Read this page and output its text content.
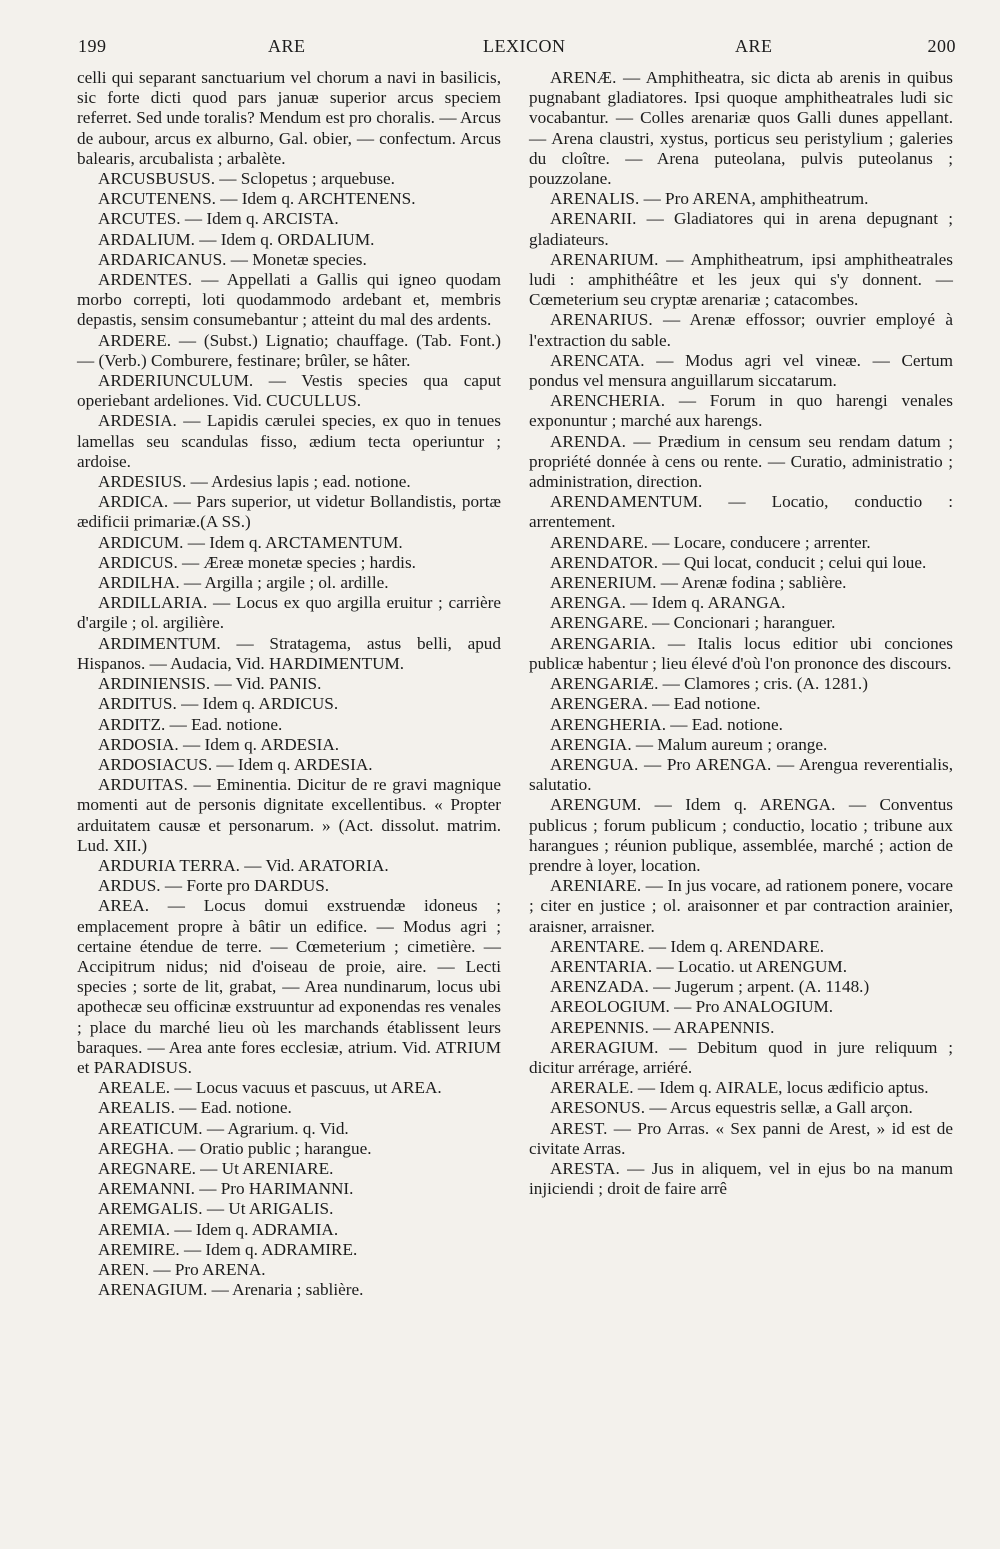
199	ARE	LEXICON	ARE	200

celli qui separant sanctuarium vel chorum a navi in basilicis, sic forte dicti quod pars januæ superior arcus speciem referret. Sed unde toralis? Mendum est pro choralis. — Arcus de aubour, arcus ex alburno, Gal. obier, — confectum. Arcus balearis, arcubalista ; arbalète.

ARCUSBUSUS. — Sclopetus ; arquebuse.

ARCUTENENS. — Idem q. ARCHTENENS.

ARCUTES. — Idem q. ARCISTA.

ARDALIUM. — Idem q. ORDALIUM.

ARDARICANUS. — Monetæ species.

ARDENTES. — Appellati a Gallis qui igneo quodam morbo correpti, loti quodammodo ardebant et, membris depastis, sensim consumebantur ; atteint du mal des ardents.

ARDERE. — (Subst.) Lignatio; chauffage. (Tab. Font.) — (Verb.) Comburere, festinare; brûler, se hâter.

ARDERIUNCULUM. — Vestis species qua caput operiebant ardeliones. Vid. CUCULLUS.

ARDESIA. — Lapidis cærulei species, ex quo in tenues lamellas seu scandulas fisso, ædium tecta operiuntur ; ardoise.

ARDESIUS. — Ardesius lapis ; ead. notione.

ARDICA. — Pars superior, ut videtur Bollandistis, portæ ædificii primariæ.(A SS.)

ARDICUM. — Idem q. ARCTAMENTUM.

ARDICUS. — Æreæ monetæ species ; hardis.

ARDILHA. — Argilla ; argile ; ol. ardille.

ARDILLARIA. — Locus ex quo argilla eruitur ; carrière d'argile ; ol. argilière.

ARDIMENTUM. — Stratagema, astus belli, apud Hispanos. — Audacia, Vid. HARDIMENTUM.

ARDINIENSIS. — Vid. PANIS.

ARDITUS. — Idem q. ARDICUS.

ARDITZ. — Ead. notione.

ARDOSIA. — Idem q. ARDESIA.

ARDOSIACUS. — Idem q. ARDESIA.

ARDUITAS. — Eminentia. Dicitur de re gravi magnique momenti aut de personis dignitate excellentibus. « Propter arduitatem causæ et personarum. » (Act. dissolut. matrim. Lud. XII.)

ARDURIA TERRA. — Vid. ARATORIA.

ARDUS. — Forte pro DARDUS.

AREA. — Locus domui exstruendæ idoneus ; emplacement propre à bâtir un edifice. — Modus agri ; certaine étendue de terre. — Cœmeterium ; cimetière. — Accipitrum nidus; nid d'oiseau de proie, aire. — Lecti species ; sorte de lit, grabat, — Area nundinarum, locus ubi apothecæ seu officinæ exstruuntur ad exponendas res venales ; place du marché lieu où les marchands établissent leurs baraques. — Area ante fores ecclesiæ, atrium. Vid. ATRIUM et PARADISUS.

AREALE. — Locus vacuus et pascuus, ut AREA.

AREALIS. — Ead. notione.

AREATICUM. — Agrarium. q. Vid.

AREGHA. — Oratio public ; harangue.

AREGNARE. — Ut ARENIARE.

AREMANNI. — Pro HARIMANNI.

AREMGALIS. — Ut ARIGALIS.

AREMIA. — Idem q. ADRAMIA.

AREMIRE. — Idem q. ADRAMIRE.

AREN. — Pro ARENA.

ARENAGIUM. — Arenaria ; sablière.

ARENÆ. — Amphitheatra, sic dicta ab arenis in quibus pugnabant gladiatores. Ipsi quoque amphitheatrales ludi sic vocabantur. — Colles arenariæ quos Galli dunes appellant. — Arena claustri, xystus, porticus seu peristylium ; galeries du cloître. — Arena puteolana, pulvis puteolanus ; pouzzolane.

ARENALIS. — Pro ARENA, amphitheatrum.

ARENARII. — Gladiatores qui in arena depugnant ; gladiateurs.

ARENARIUM. — Amphitheatrum, ipsi amphitheatrales ludi : amphithéâtre et les jeux qui s'y donnent. — Cœmeterium seu cryptæ arenariæ ; catacombes.

ARENARIUS. — Arenæ effossor; ouvrier employé à l'extraction du sable.

ARENCATA. — Modus agri vel vineæ. — Certum pondus vel mensura anguillarum siccatarum.

ARENCHERIA. — Forum in quo harengi venales exponuntur ; marché aux harengs.

ARENDA. — Prædium in censum seu rendam datum ; propriété donnée à cens ou rente. — Curatio, administratio ; administration, direction.

ARENDAMENTUM. — Locatio, conductio : arrentement.

ARENDARE. — Locare, conducere ; arrenter.

ARENDATOR. — Qui locat, conducit ; celui qui loue.

ARENERIUM. — Arenæ fodina ; sablière.

ARENGA. — Idem q. ARANGA.

ARENGARE. — Concionari ; haranguer.

ARENGARIA. — Italis locus editior ubi conciones publicæ habentur ; lieu élevé d'où l'on prononce des discours.

ARENGARIÆ. — Clamores ; cris. (A. 1281.)

ARENGERA. — Ead notione.

ARENGHERIA. — Ead. notione.

ARENGIA. — Malum aureum ; orange.

ARENGUA. — Pro ARENGA. — Arengua reverentialis, salutatio.

ARENGUM. — Idem q. ARENGA. — Conventus publicus ; forum publicum ; conductio, locatio ; tribune aux harangues ; réunion publique, assemblée, marché ; action de prendre à loyer, location.

ARENIARE. — In jus vocare, ad rationem ponere, vocare ; citer en justice ; ol. araisonner et par contraction arainier, araisner, arraisner.

ARENTARE. — Idem q. ARENDARE.

ARENTARIA. — Locatio. ut ARENGUM.

ARENZADA. — Jugerum ; arpent. (A. 1148.)

AREOLOGIUM. — Pro ANALOGIUM.

AREPENNIS. — ARAPENNIS.

ARERAGIUM. — Debitum quod in jure reliquum ; dicitur arrérage, arriéré.

ARERALE. — Idem q. AIRALE, locus ædificio aptus.

ARESONUS. — Arcus equestris sellæ, a Gall arçon.

AREST. — Pro Arras. « Sex panni de Arest, » id est de civitate Arras.

ARESTA. — Jus in aliquem, vel in ejus bo na manum injiciendi ; droit de faire arrê
